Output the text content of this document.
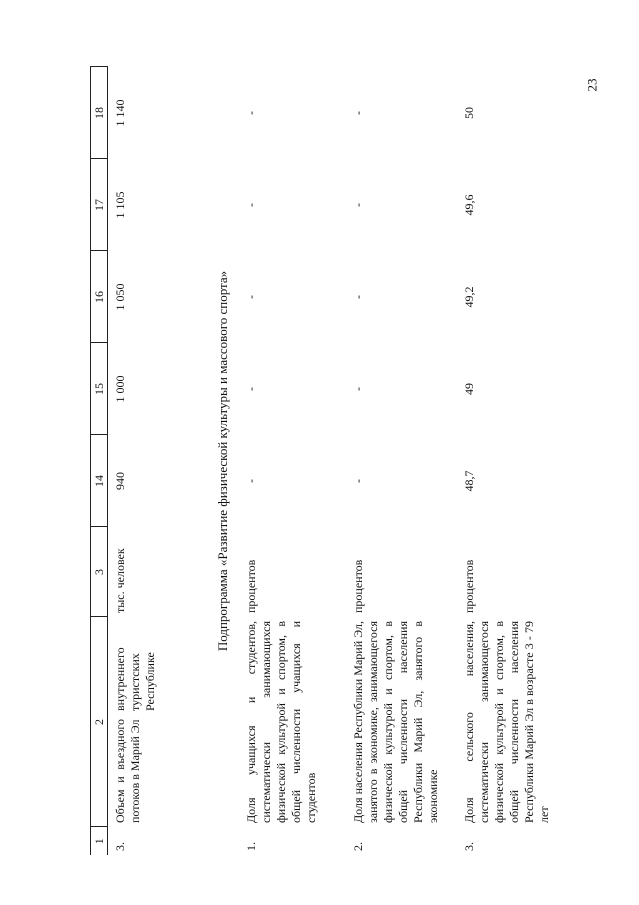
23
1	2		3	14	15	16	17	18
3.	Объем и въездного потоков в Марий Эл	внутреннего туристских Республике	тыс. человек	940	1 000	1 050	1 105	1 140
Подпрограмма «Развитие физической культуры и массового спорта»								
1.	Доля учащихся и студентов, систематически занимающихся физической культурой и спортом, в общей численности учащихся и студентов		процентов	-	-	-	-	-
2.	Доля населения Республики Марий Эл, занятого в экономике, занимающегося физической культурой и спортом, в общей численности населения Республики Марий Эл, занятого в экономике		процентов	-	-	-	-	-
3.	Доля сельского населения, систематически занимающегося физической культурой и спортом, в общей численности населения Республики Марий Эл в возрасте 3 - 79 лет		процентов	48,7	49	49,2	49,6	50
